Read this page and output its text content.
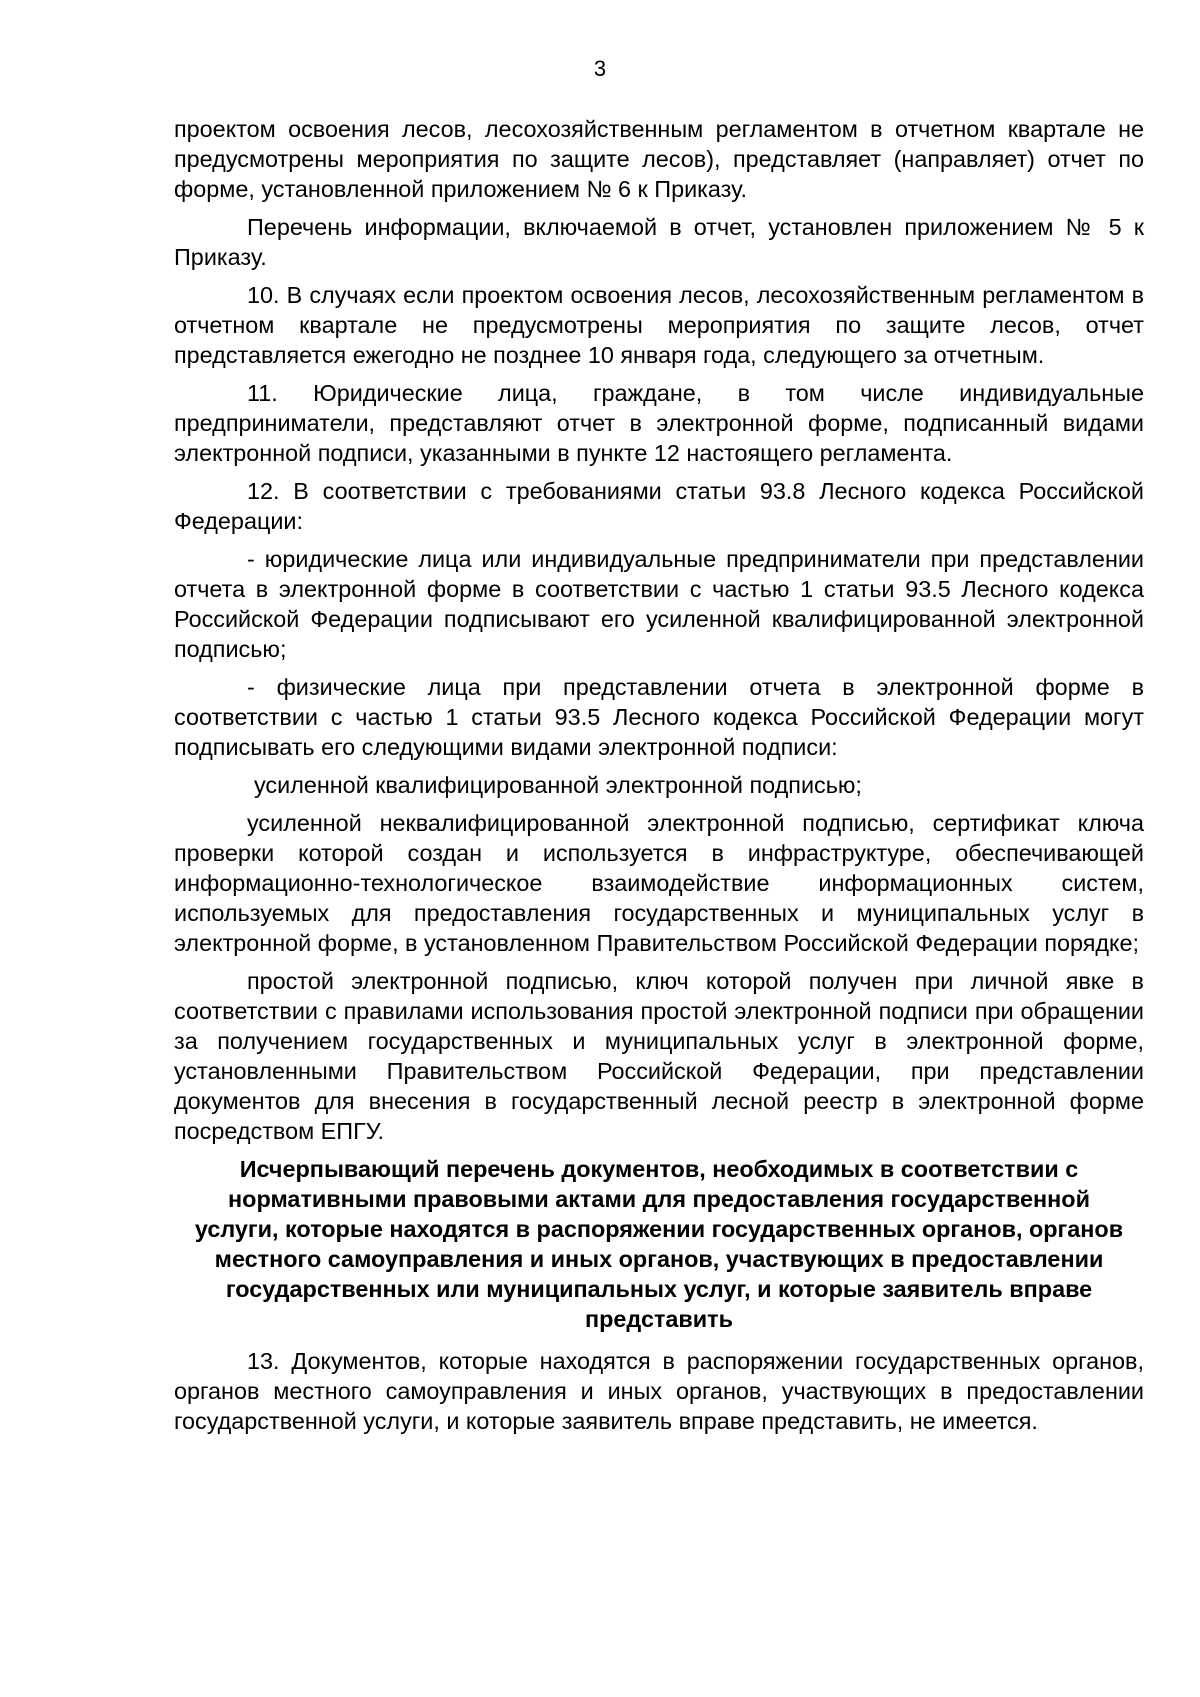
3

проектом освоения лесов, лесохозяйственным регламентом в отчетном квартале не предусмотрены мероприятия по защите лесов), представляет (направляет) отчет по форме, установленной приложением № 6 к Приказу.

Перечень информации, включаемой в отчет, установлен приложением № 5 к Приказу.

10. В случаях если проектом освоения лесов, лесохозяйственным регламентом в отчетном квартале не предусмотрены мероприятия по защите лесов, отчет представляется ежегодно не позднее 10 января года, следующего за отчетным.

11. Юридические лица, граждане, в том числе индивидуальные предприниматели, представляют отчет в электронной форме, подписанный видами электронной подписи, указанными в пункте 12 настоящего регламента.

12. В соответствии с требованиями статьи 93.8 Лесного кодекса Российской Федерации:

- юридические лица или индивидуальные предприниматели при представлении отчета в электронной форме в соответствии с частью 1 статьи 93.5 Лесного кодекса Российской Федерации подписывают его усиленной квалифицированной электронной подписью;

- физические лица при представлении отчета в электронной форме в соответствии с частью 1 статьи 93.5 Лесного кодекса Российской Федерации могут подписывать его следующими видами электронной подписи:

усиленной квалифицированной электронной подписью;

усиленной неквалифицированной электронной подписью, сертификат ключа проверки которой создан и используется в инфраструктуре, обеспечивающей информационно-технологическое взаимодействие информационных систем, используемых для предоставления государственных и муниципальных услуг в электронной форме, в установленном Правительством Российской Федерации порядке;

простой электронной подписью, ключ которой получен при личной явке в соответствии с правилами использования простой электронной подписи при обращении за получением государственных и муниципальных услуг в электронной форме, установленными Правительством Российской Федерации, при представлении документов для внесения в государственный лесной реестр в электронной форме посредством ЕПГУ.

Исчерпывающий перечень документов, необходимых в соответствии с нормативными правовыми актами для предоставления государственной услуги, которые находятся в распоряжении государственных органов, органов местного самоуправления и иных органов, участвующих в предоставлении государственных или муниципальных услуг, и которые заявитель вправе представить

13. Документов, которые находятся в распоряжении государственных органов, органов местного самоуправления и иных органов, участвующих в предоставлении государственной услуги, и которые заявитель вправе представить, не имеется.
